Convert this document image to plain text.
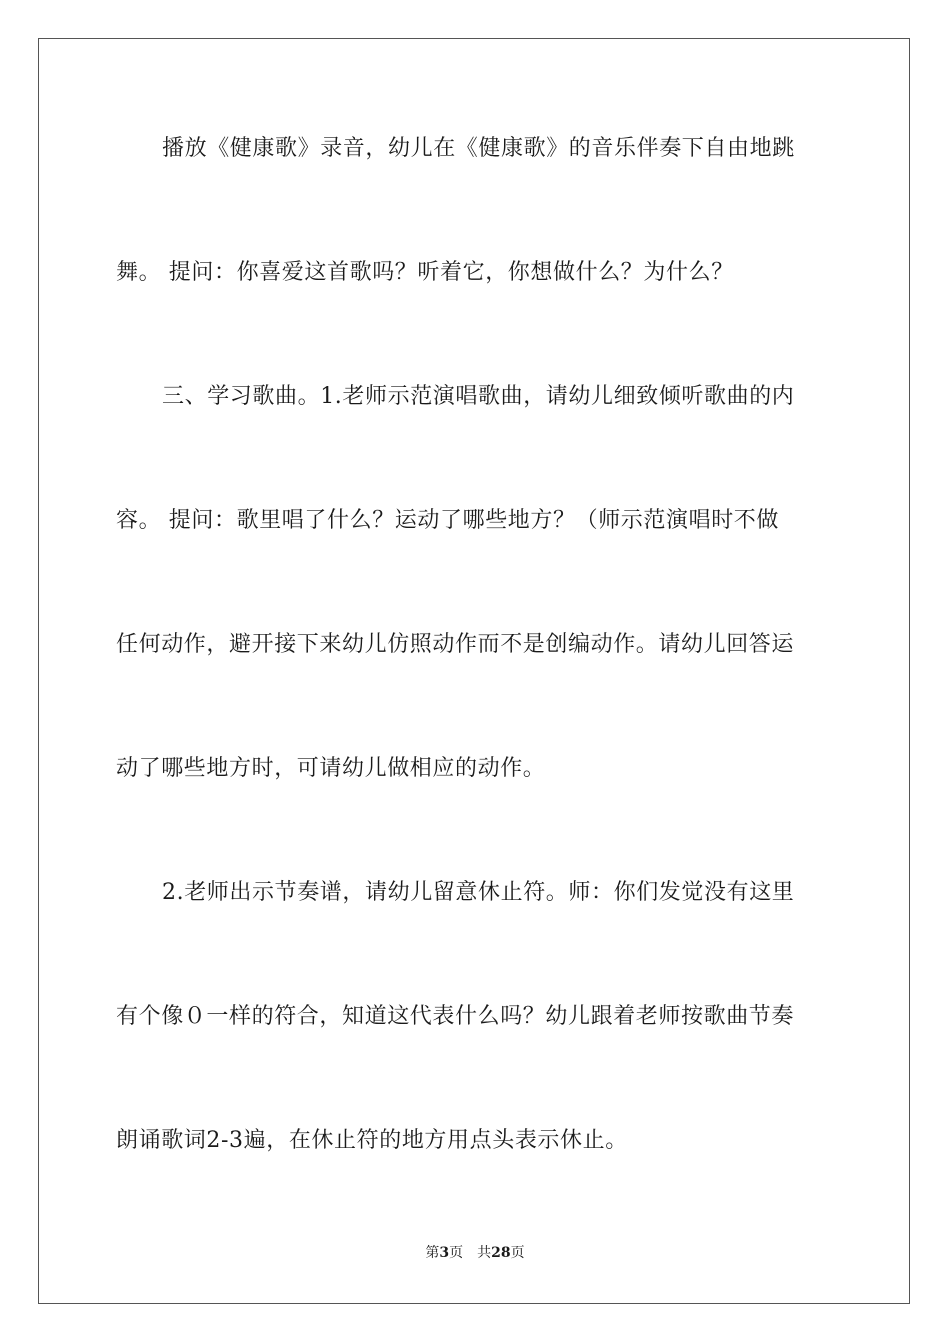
播放《健康歌》录音，幼儿在《健康歌》的音乐伴奏下自由地跳
舞。 提问：你喜爱这首歌吗？听着它，你想做什么？为什么？
三、学习歌曲。1.老师示范演唱歌曲，请幼儿细致倾听歌曲的内
容。 提问：歌里唱了什么？运动了哪些地方？（师示范演唱时不做
任何动作，避开接下来幼儿仿照动作而不是创编动作。请幼儿回答运
动了哪些地方时，可请幼儿做相应的动作。
2.老师出示节奏谱，请幼儿留意休止符。师：你们发觉没有这里
有个像０一样的符合，知道这代表什么吗？幼儿跟着老师按歌曲节奏
朗诵歌词2-3遍，在休止符的地方用点头表示休止。
第3页 共28页
